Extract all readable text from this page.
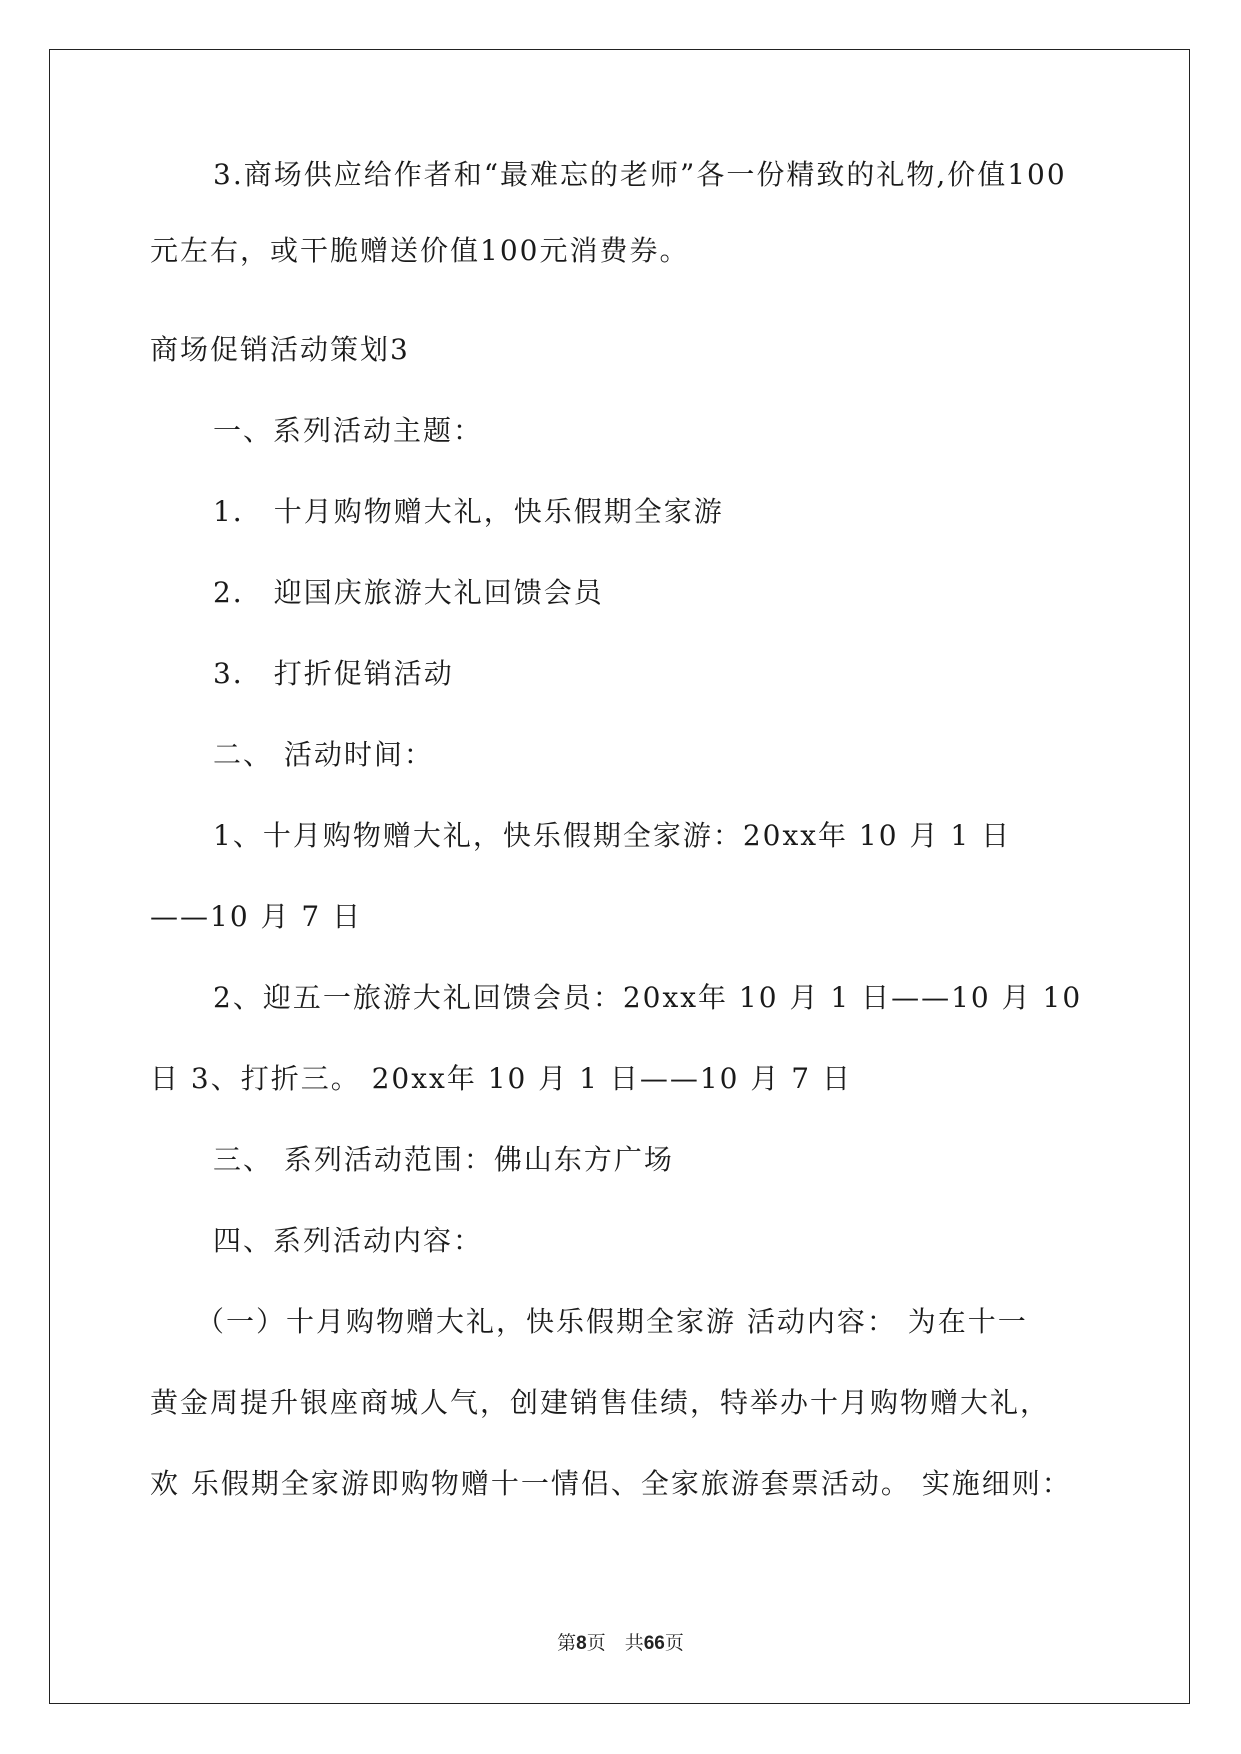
3.商场供应给作者和“最难忘的老师”各一份精致的礼物,价值100

元左右，或干脆赠送价值100元消费券。

商场促销活动策划3

一、系列活动主题：

1． 十月购物赠大礼，快乐假期全家游

2． 迎国庆旅游大礼回馈会员

3． 打折促销活动

二、 活动时间：

1、十月购物赠大礼，快乐假期全家游：20xx年 10 月 1 日

——10 月 7 日

2、迎五一旅游大礼回馈会员：20xx年 10 月 1 日——10 月 10

日 3、打折三。 20xx年 10 月 1 日——10 月 7 日

三、 系列活动范围：佛山东方广场

四、系列活动内容：

（一）十月购物赠大礼，快乐假期全家游 活动内容： 为在十一

黄金周提升银座商城人气，创建销售佳绩，特举办十月购物赠大礼，

欢 乐假期全家游即购物赠十一情侣、全家旅游套票活动。 实施细则：

第8页　共66页
